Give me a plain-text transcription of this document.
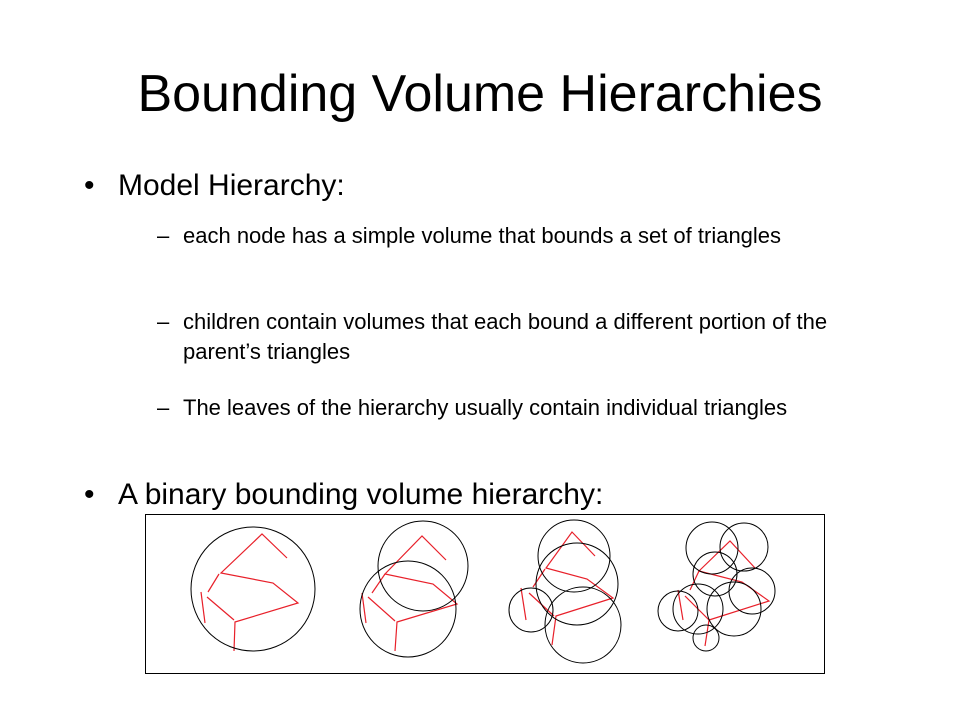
Bounding Volume Hierarchies
• Model Hierarchy:
– each node has a simple volume that bounds a set of triangles
– children contain volumes that each bound a different portion of the parent’s triangles
– The leaves of the hierarchy usually contain individual triangles
• A binary bounding volume hierarchy:
